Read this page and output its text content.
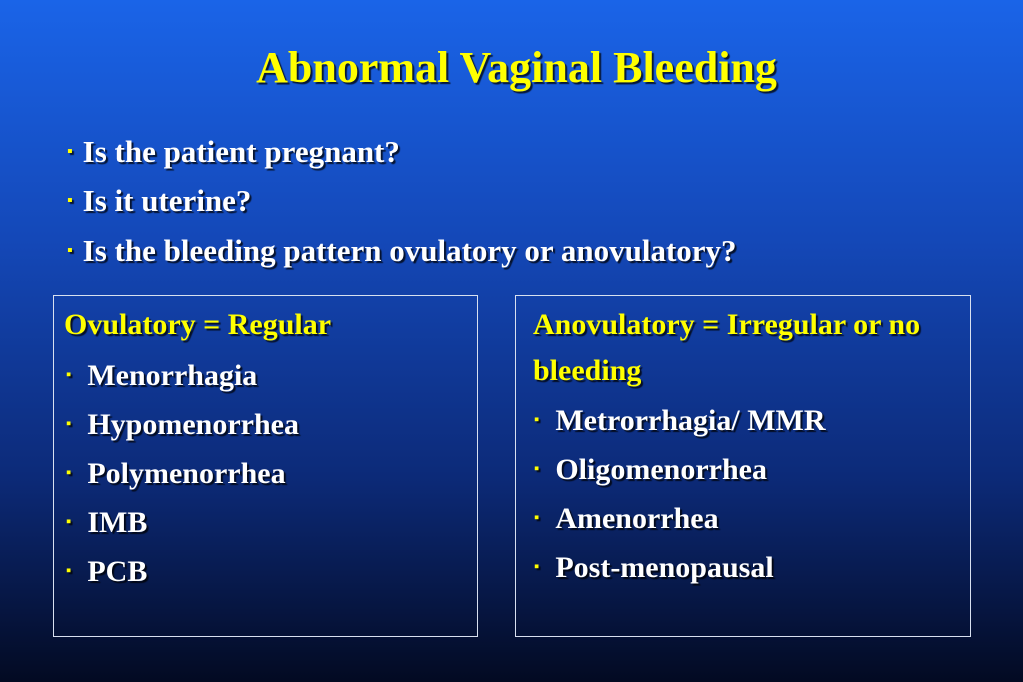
Abnormal Vaginal Bleeding
▪ Is the patient pregnant?
▪ Is it uterine?
▪ Is the bleeding pattern ovulatory or anovulatory?
Ovulatory = Regular
▪ Menorrhagia
▪ Hypomenorrhea
▪ Polymenorrhea
▪ IMB
▪ PCB
Anovulatory = Irregular or no bleeding
▪ Metrorrhagia/ MMR
▪ Oligomenorrhea
▪ Amenorrhea
▪ Post-menopausal
